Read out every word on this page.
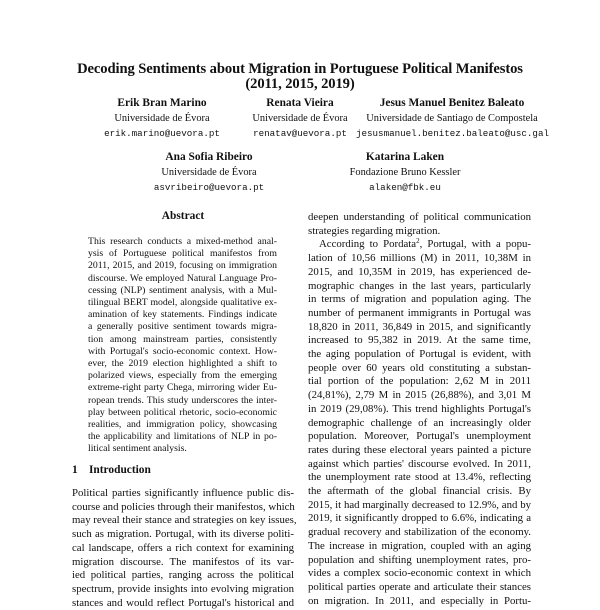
Decoding Sentiments about Migration in Portuguese Political Manifestos
(2011, 2015, 2019)
Erik Bran Marino
Universidade de Évora
erik.marino@uevora.pt
Renata Vieira
Universidade de Évora
renatav@uevora.pt
Jesus Manuel Benitez Baleato
Universidade de Santiago de Compostela
jesusmanuel.benitez.baleato@usc.gal
Ana Sofia Ribeiro
Universidade de Évora
asvribeiro@uevora.pt
Katarina Laken
Fondazione Bruno Kessler
alaken@fbk.eu
Abstract
This research conducts a mixed-method anal-
ysis of Portuguese political manifestos from
2011, 2015, and 2019, focusing on immigration
discourse. We employed Natural Language Pro-
cessing (NLP) sentiment analysis, with a Mul-
tilingual BERT model, alongside qualitative ex-
amination of key statements. Findings indicate
a generally positive sentiment towards migra-
tion among mainstream parties, consistently
with Portugal's socio-economic context. How-
ever, the 2019 election highlighted a shift to
polarized views, especially from the emerging
extreme-right party Chega, mirroring wider Eu-
ropean trends. This study underscores the inter-
play between political rhetoric, socio-economic
realities, and immigration policy, showcasing
the applicability and limitations of NLP in po-
litical sentiment analysis.
1 Introduction
Political parties significantly influence public dis-
course and policies through their manifestos, which
may reveal their stance and strategies on key issues,
such as migration. Portugal, with its diverse politi-
cal landscape, offers a rich context for examining
migration discourse. The manifestos of its var-
ied political parties, ranging across the political
spectrum, provide insights into evolving migration
stances and would reflect Portugal's historical and
deepen understanding of political communication
strategies regarding migration.
According to Pordata$^2$, Portugal, with a popu-
lation of 10,56 millions (M) in 2011, 10,38M in
2015, and 10,35M in 2019, has experienced de-
mographic changes in the last years, particularly
in terms of migration and population aging. The
number of permanent immigrants in Portugal was
18,820 in 2011, 36,849 in 2015, and significantly
increased to 95,382 in 2019. At the same time,
the aging population of Portugal is evident, with
people over 60 years old constituting a substan-
tial portion of the population: 2,62 M in 2011
(24,81%), 2,79 M in 2015 (26,88%), and 3,01 M
in 2019 (29,08%). This trend highlights Portugal's
demographic challenge of an increasingly older
population. Moreover, Portugal's unemployment
rates during these electoral years painted a picture
against which parties' discourse evolved. In 2011,
the unemployment rate stood at 13.4%, reflecting
the aftermath of the global financial crisis. By
2015, it had marginally decreased to 12.9%, and by
2019, it significantly dropped to 6.6%, indicating a
gradual recovery and stabilization of the economy.
The increase in migration, coupled with an aging
population and shifting unemployment rates, pro-
vides a complex socio-economic context in which
political parties operate and articulate their stances
on migration. In 2011, and especially in Portu-
